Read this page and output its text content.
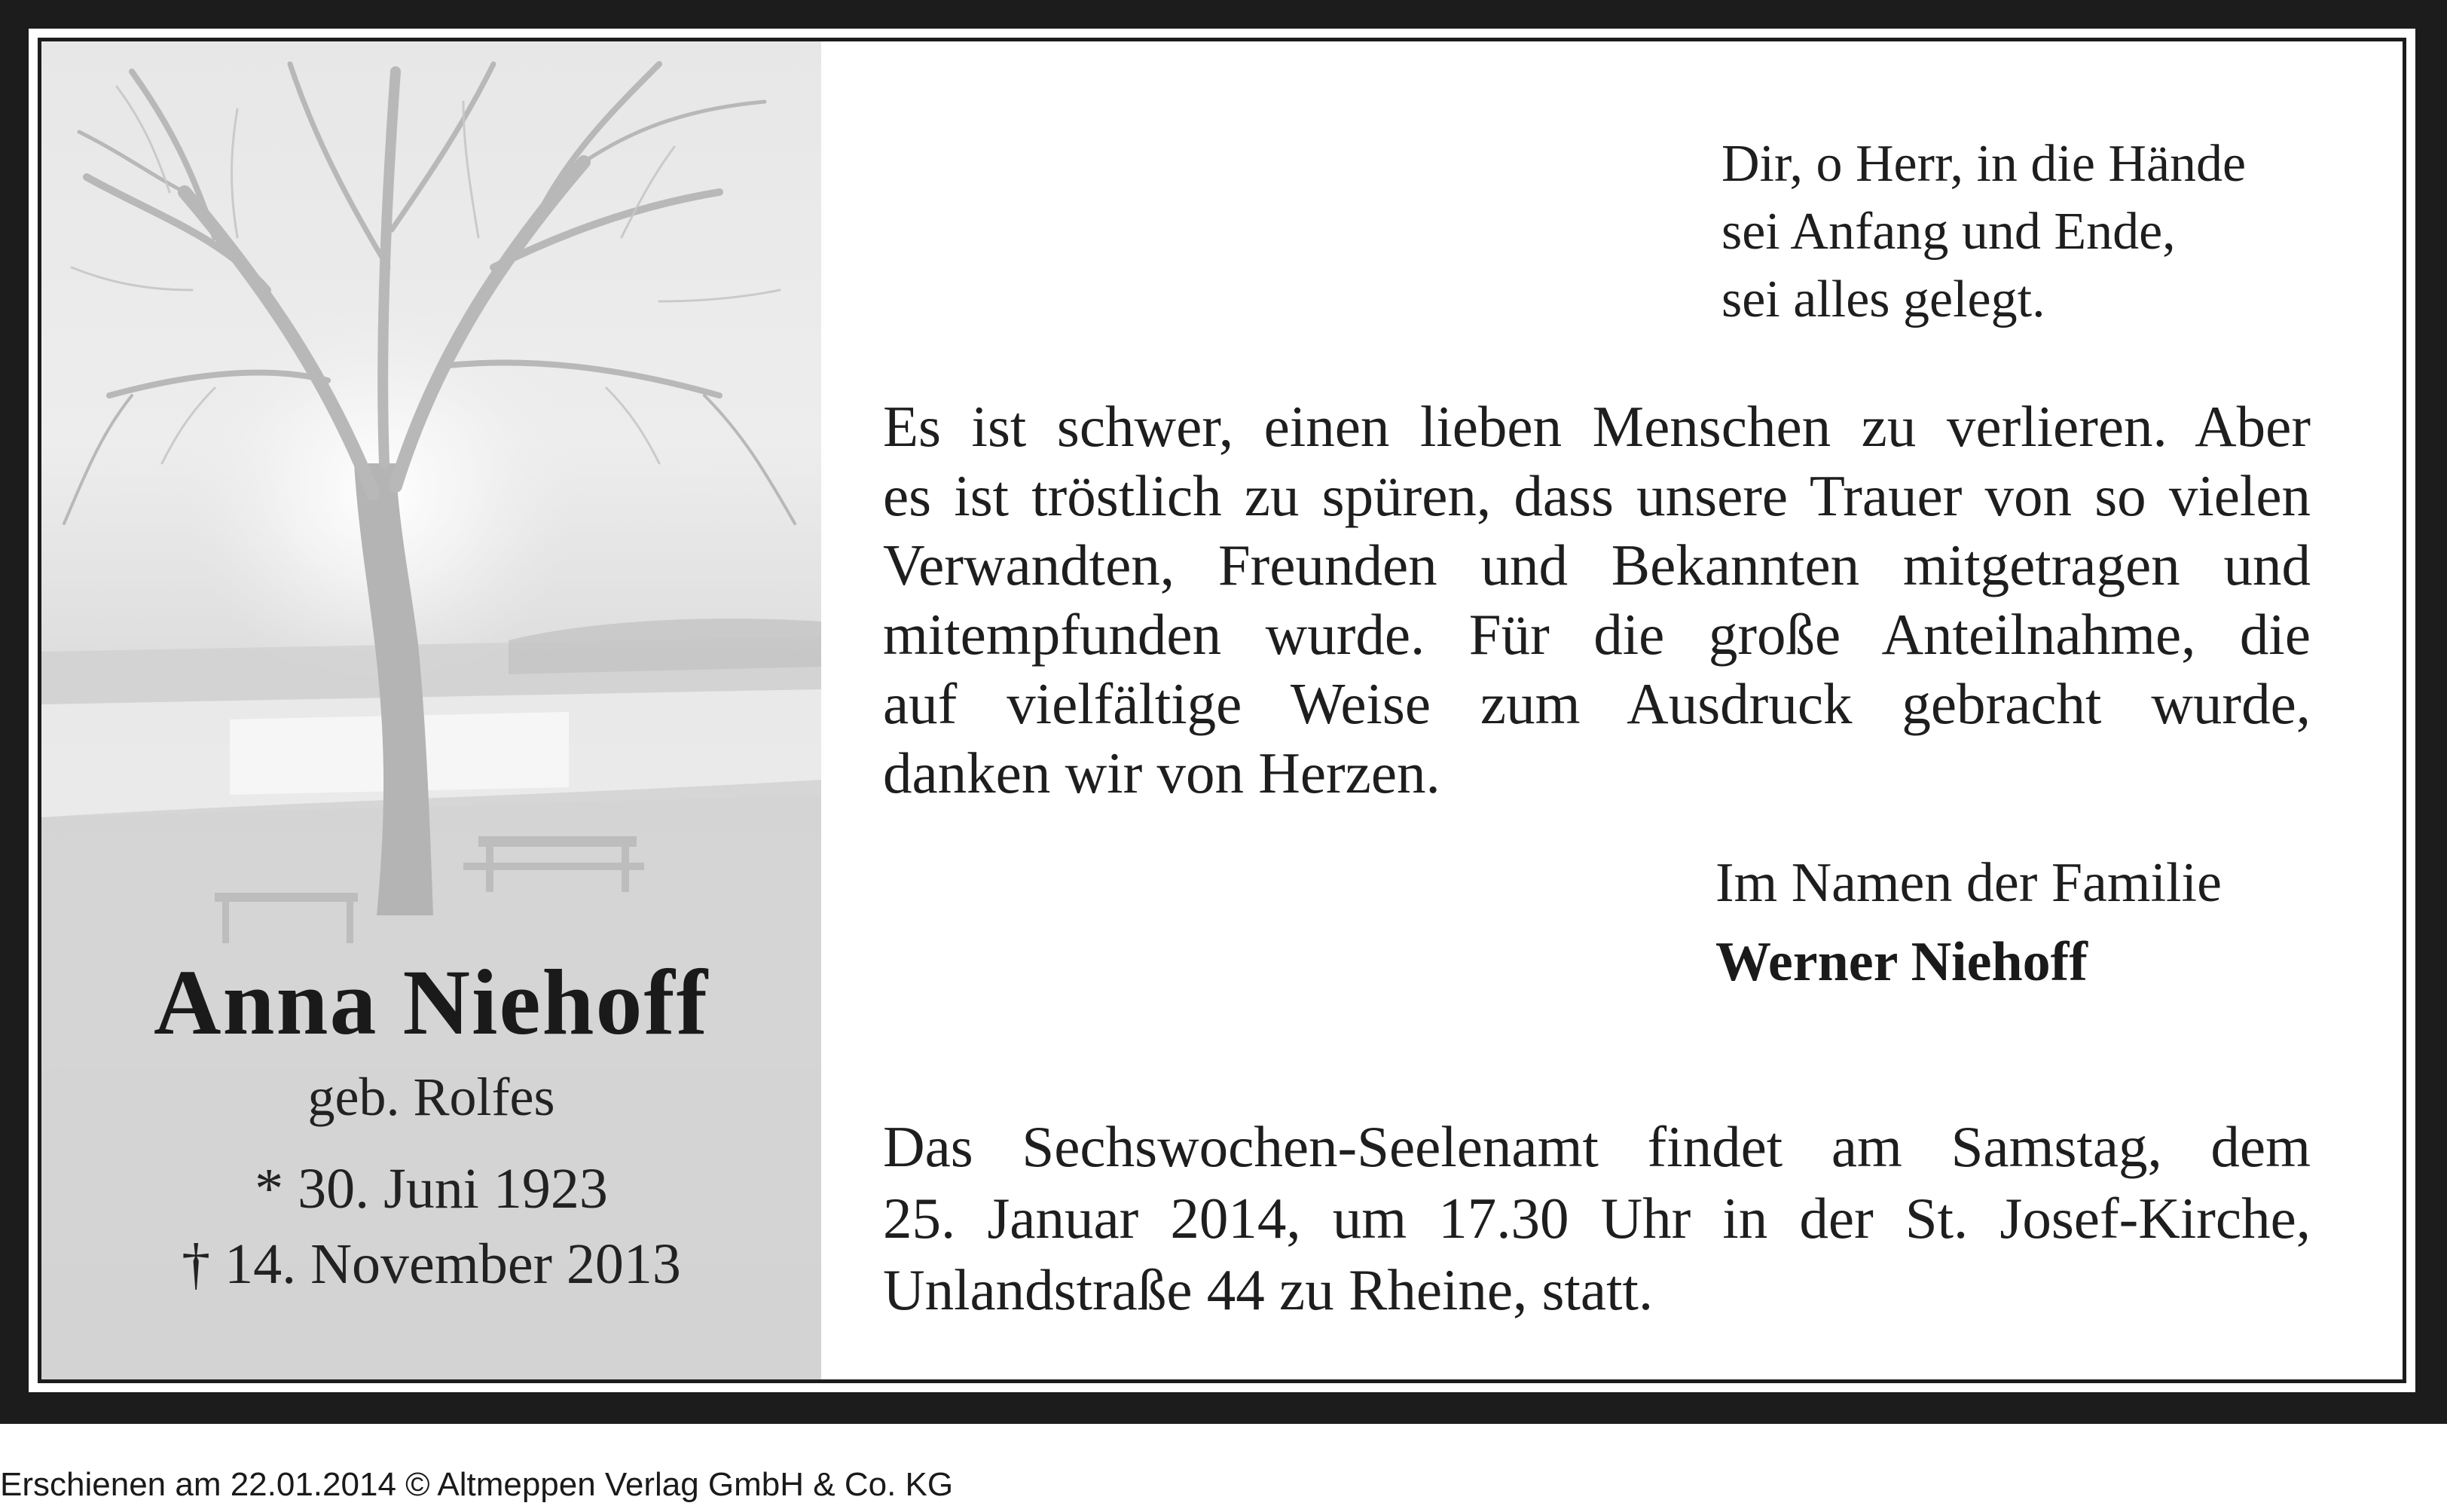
Anna Niehoff
geb. Rolfes
* 30. Juni 1923
† 14. November 2013
Dir, o Herr, in die Hände
sei Anfang und Ende,
sei alles gelegt.
Es ist schwer, einen lieben Menschen zu verlieren. Aber
es ist tröstlich zu spüren, dass unsere Trauer von so vielen
Verwandten, Freunden und Bekannten mitgetragen und
mitempfunden wurde. Für die große Anteilnahme, die
auf vielfältige Weise zum Ausdruck gebracht wurde,
danken wir von Herzen.
Im Namen der Familie
Werner Niehoff
Das Sechswochen-Seelenamt findet am Samstag, dem
25. Januar 2014, um 17.30 Uhr in der St. Josef-Kirche,
Unlandstraße 44 zu Rheine, statt.
Erschienen am 22.01.2014 © Altmeppen Verlag GmbH & Co. KG
